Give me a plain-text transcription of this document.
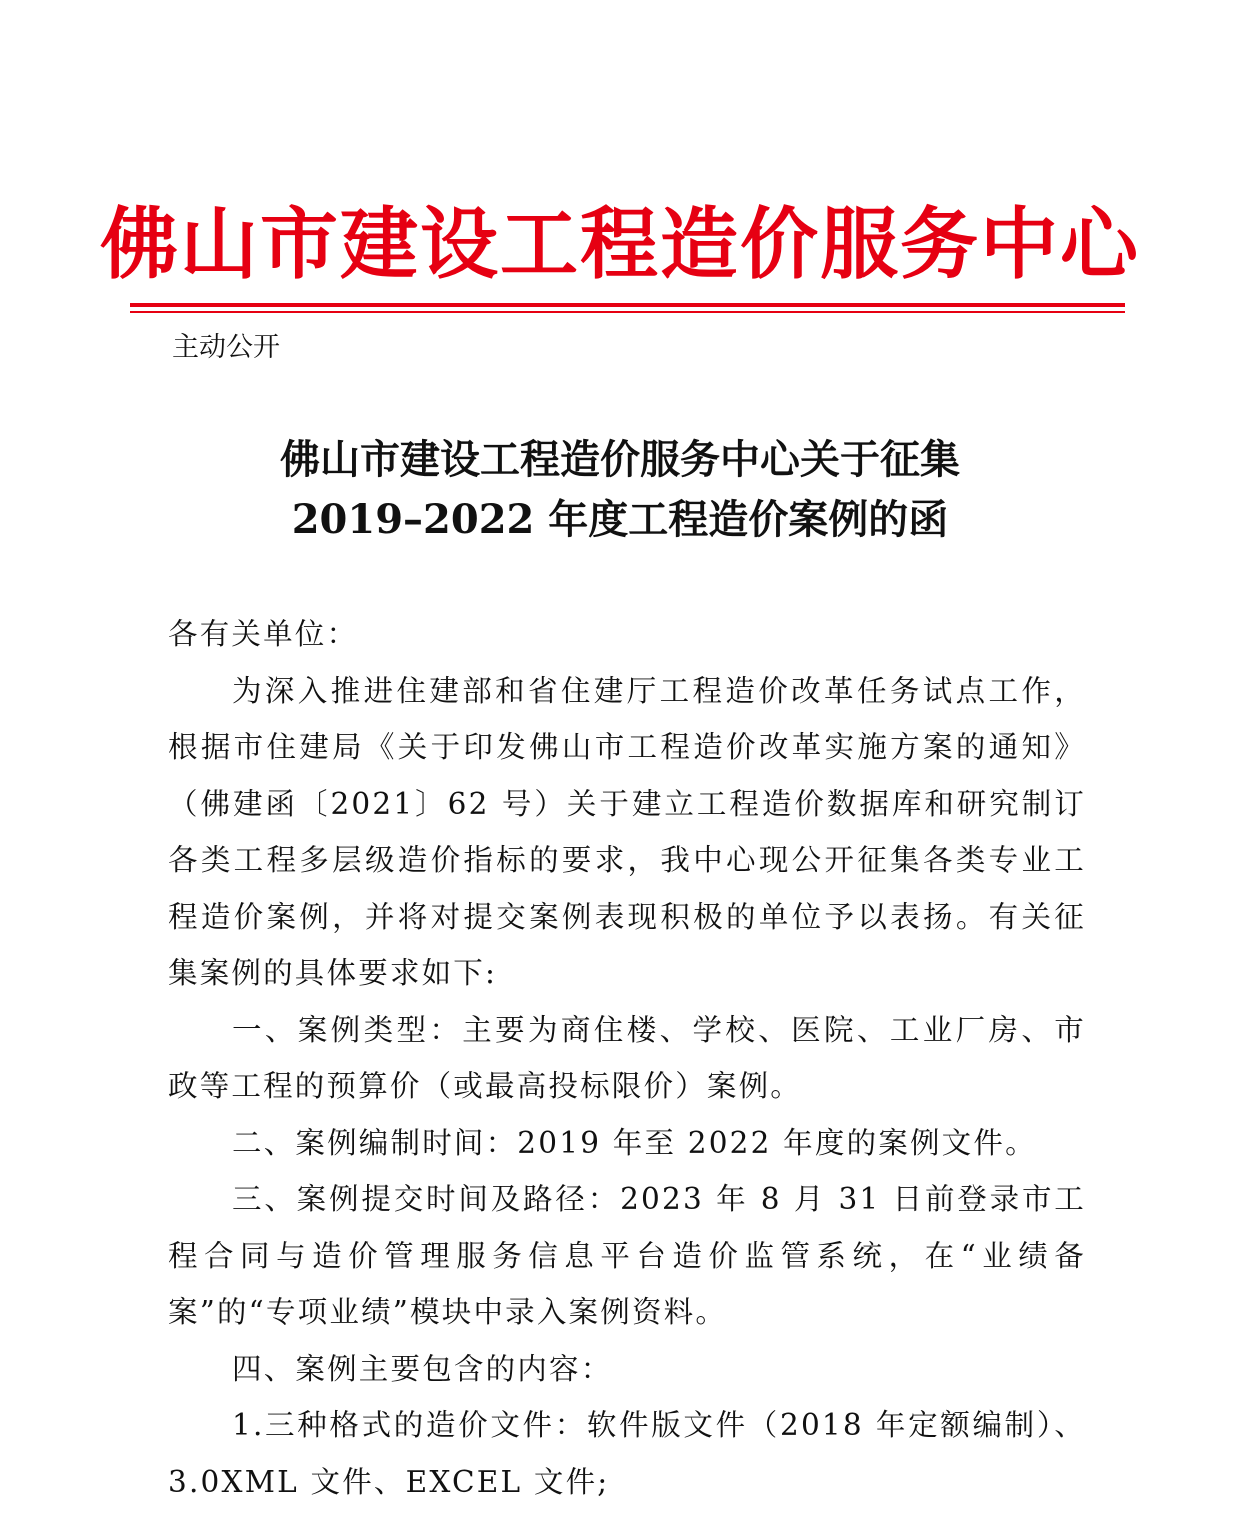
佛山市建设工程造价服务中心
主动公开
佛山市建设工程造价服务中心关于征集
2019–2022 年度工程造价案例的函

各有关单位：

为深入推进住建部和省住建厅工程造价改革任务试点工作，根据市住建局《关于印发佛山市工程造价改革实施方案的通知》（佛建函〔2021〕62 号）关于建立工程造价数据库和研究制订各类工程多层级造价指标的要求，我中心现公开征集各类专业工程造价案例，并将对提交案例表现积极的单位予以表扬。有关征集案例的具体要求如下:

一、案例类型：主要为商住楼、学校、医院、工业厂房、市政等工程的预算价（或最高投标限价）案例。

二、案例编制时间：2019 年至 2022 年度的案例文件。

三、案例提交时间及路径：2023 年 8 月 31 日前登录市工程合同与造价管理服务信息平台造价监管系统，在“业绩备案”的“专项业绩”模块中录入案例资料。

四、案例主要包含的内容：

1.三种格式的造价文件：软件版文件（2018 年定额编制）、3.0XML 文件、EXCEL 文件;
